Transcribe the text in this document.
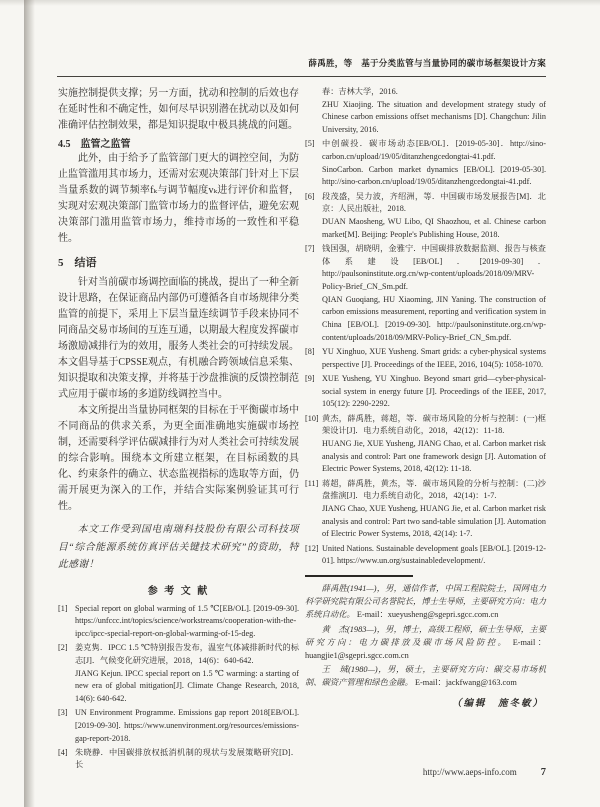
薛禹胜，等　基于分类监管与当量协同的碳市场框架设计方案

实施控制提供支撑；另一方面，扰动和控制的后效也存在延时性和不确定性，如何尽早识别潜在扰动以及如何准确评估控制效果，都是知识提取中极具挑战的问题。

4.5　监管之监管

此外，由于给予了监管部门更大的调控空间，为防止监管滥用其市场力，还需对宏观决策部门针对上下层当量系数的调节频率fₖ与调节幅度vₖ进行评价和监督，实现对宏观决策部门监管市场力的监督评估，避免宏观决策部门滥用监管市场力，维持市场的一致性和平稳性。

5　结语

针对当前碳市场调控面临的挑战，提出了一种全新设计思路，在保证商品内部仍可遵循各自市场规律分类监管的前提下，采用上下层当量连续调节手段来协同不同商品交易市场间的互连互通，以期最大程度发挥碳市场激励减排行为的效用，服务人类社会的可持续发展。本文倡导基于CPSSE观点，有机融合跨领域信息采集、知识提取和决策支撑，并将基于沙盘推演的反馈控制范式应用于碳市场的多道防线调控当中。

本文所提出当量协同框架的目标在于平衡碳市场中不同商品的供求关系，为更全面准确地实施碳市场控制，还需要科学评估碳减排行为对人类社会可持续发展的综合影响。围绕本文所建立框架，在目标函数的具化、约束条件的确立、状态监视指标的选取等方面，仍需开展更为深入的工作，并结合实际案例验证其可行性。

本文工作受到国电南瑞科技股份有限公司科技项目“综合能源系统仿真评估关键技术研究”的资助，特此感谢！

参 考 文 献

[1] Special report on global warming of 1.5 ℃[EB/OL]. [2019-09-30]. https://unfccc.int/topics/science/workstreams/cooperation-with-the-ipcc/ipcc-special-report-on-global-warming-of-15-deg.
[2] 姜克隽．IPCC 1.5 ℃特别报告发布，温室气体减排新时代的标志[J]．气候变化研究进展，2018，14(6)：640-642.
JIANG Kejun. IPCC special report on 1.5 ℃ warming: a starting of new era of global mitigation[J]. Climate Change Research, 2018, 14(6): 640-642.
[3] UN Environment Programme. Emissions gap report 2018[EB/OL]. [2019-09-30]. https://www.unenvironment.org/resources/emissions-gap-report-2018.
[4] 朱晓静．中国碳排放权抵消机制的现状与发展策略研究[D]．长
春：吉林大学，2016.
ZHU Xiaojing. The situation and development strategy study of Chinese carbon emissions offset mechanisms [D]. Changchun: Jilin University, 2016.
[5] 中创碳投．碳市场动态[EB/OL]．[2019-05-30]．http://sino-carbon.cn/upload/19/05/ditanzhengcedongtai-41.pdf.
SinoCarbon. Carbon market dynamics [EB/OL]. [2019-05-30]. http://sino-carbon.cn/upload/19/05/ditanzhengcedongtai-41.pdf.
[6] 段茂盛，吴力波，齐绍洲，等．中国碳市场发展报告[M]．北京：人民出版社，2018.
DUAN Maosheng, WU Libo, QI Shaozhou, et al. Chinese carbon market[M]. Beijing: People's Publishing House, 2018.
[7] 钱国强，胡晓明，金雅宁．中国碳排放数据监测、报告与核查体系建设[EB/OL]．[2019-09-30]．http://paulsoninstitute.org.cn/wp-content/uploads/2018/09/MRV-Policy-Brief_CN_Sm.pdf.
QIAN Guoqiang, HU Xiaoming, JIN Yaning. The construction of carbon emissions measurement, reporting and verification system in China [EB/OL]. [2019-09-30]. http://paulsoninstitute.org.cn/wp-content/uploads/2018/09/MRV-Policy-Brief_CN_Sm.pdf.
[8] YU Xinghuo, XUE Yusheng. Smart grids: a cyber-physical systems perspective [J]. Proceedings of the IEEE, 2016, 104(5): 1058-1070.
[9] XUE Yusheng, YU Xinghuo. Beyond smart grid—cyber-physical-social system in energy future [J]. Proceedings of the IEEE, 2017, 105(12): 2290-2292.
[10] 黄杰，薛禹胜，蒋超，等．碳市场风险的分析与控制：(一)框架设计[J]．电力系统自动化，2018，42(12)：11-18.
HUANG Jie, XUE Yusheng, JIANG Chao, et al. Carbon market risk analysis and control: Part one framework design [J]. Automation of Electric Power Systems, 2018, 42(12): 11-18.
[11] 蒋超，薛禹胜，黄杰，等．碳市场风险的分析与控制：(二)沙盘推演[J]．电力系统自动化，2018，42(14)：1-7.
JIANG Chao, XUE Yusheng, HUANG Jie, et al. Carbon market risk analysis and control: Part two sand-table simulation [J]. Automation of Electric Power Systems, 2018, 42(14): 1-7.
[12] United Nations. Sustainable development goals [EB/OL]. [2019-12-01]. https://www.un.org/sustainabledevelopment/.

薛禹胜(1941—)，男，通信作者，中国工程院院士，国网电力科学研究院有限公司名誉院长，博士生导师，主要研究方向：电力系统自动化。 E-mail：xueyusheng@sgepri.sgcc.com.cn

黄　杰(1983—)，男，博士，高级工程师，硕士生导师，主要研究方向：电力碳排放及碳市场风险防控。 E-mail：huangjie1@sgepri.sgcc.com.cn

王　珹(1980—)，男，硕士，主要研究方向：碳交易市场机制、碳资产管理和绿色金融。 E-mail：jackfwang@163.com

（编辑　施冬敏）

http://www.aeps-info.com 7
